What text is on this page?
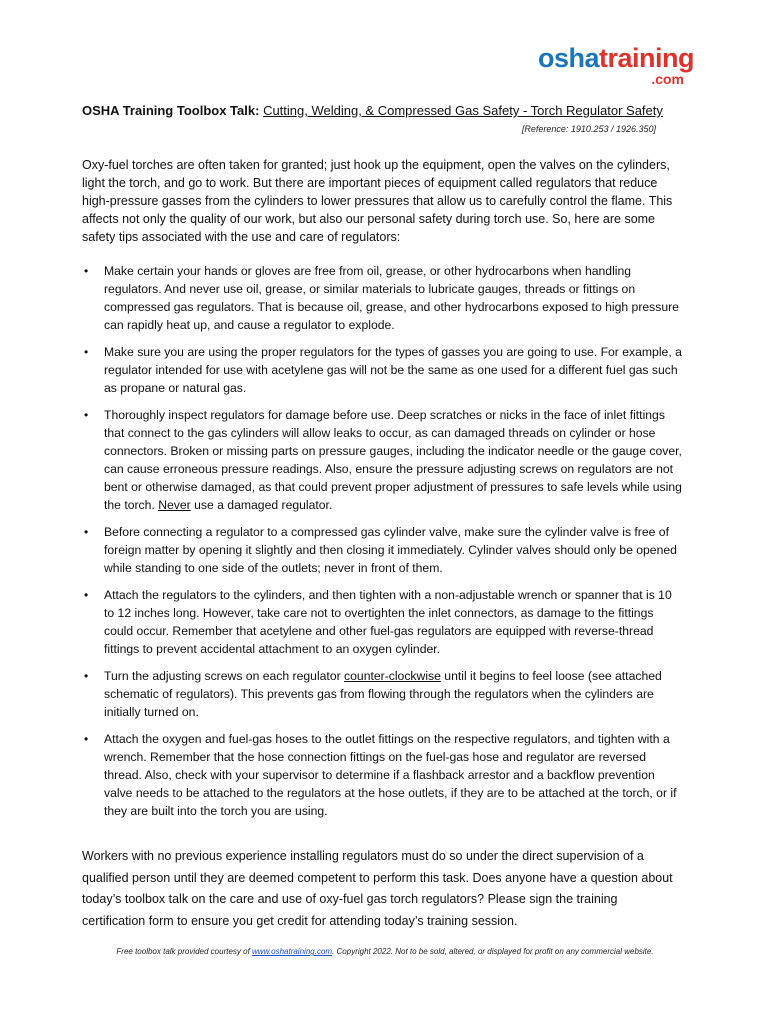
oshatraining
.com
OSHA Training Toolbox Talk: Cutting, Welding, & Compressed Gas Safety - Torch Regulator Safety
[Reference: 1910.253 / 1926.350]

Oxy-fuel torches are often taken for granted; just hook up the equipment, open the valves on the cylinders, light the torch, and go to work. But there are important pieces of equipment called regulators that reduce high-pressure gasses from the cylinders to lower pressures that allow us to carefully control the flame. This affects not only the quality of our work, but also our personal safety during torch use. So, here are some safety tips associated with the use and care of regulators:

• Make certain your hands or gloves are free from oil, grease, or other hydrocarbons when handling regulators. And never use oil, grease, or similar materials to lubricate gauges, threads or fittings on compressed gas regulators. That is because oil, grease, and other hydrocarbons exposed to high pressure can rapidly heat up, and cause a regulator to explode.
• Make sure you are using the proper regulators for the types of gasses you are going to use. For example, a regulator intended for use with acetylene gas will not be the same as one used for a different fuel gas such as propane or natural gas.
• Thoroughly inspect regulators for damage before use. Deep scratches or nicks in the face of inlet fittings that connect to the gas cylinders will allow leaks to occur, as can damaged threads on cylinder or hose connectors. Broken or missing parts on pressure gauges, including the indicator needle or the gauge cover, can cause erroneous pressure readings. Also, ensure the pressure adjusting screws on regulators are not bent or otherwise damaged, as that could prevent proper adjustment of pressures to safe levels while using the torch. Never use a damaged regulator.
• Before connecting a regulator to a compressed gas cylinder valve, make sure the cylinder valve is free of foreign matter by opening it slightly and then closing it immediately. Cylinder valves should only be opened while standing to one side of the outlets; never in front of them.
• Attach the regulators to the cylinders, and then tighten with a non-adjustable wrench or spanner that is 10 to 12 inches long. However, take care not to overtighten the inlet connectors, as damage to the fittings could occur. Remember that acetylene and other fuel-gas regulators are equipped with reverse-thread fittings to prevent accidental attachment to an oxygen cylinder.
• Turn the adjusting screws on each regulator counter-clockwise until it begins to feel loose (see attached schematic of regulators). This prevents gas from flowing through the regulators when the cylinders are initially turned on.
• Attach the oxygen and fuel-gas hoses to the outlet fittings on the respective regulators, and tighten with a wrench. Remember that the hose connection fittings on the fuel-gas hose and regulator are reversed thread. Also, check with your supervisor to determine if a flashback arrestor and a backflow prevention valve needs to be attached to the regulators at the hose outlets, if they are to be attached at the torch, or if they are built into the torch you are using.

Workers with no previous experience installing regulators must do so under the direct supervision of a qualified person until they are deemed competent to perform this task. Does anyone have a question about today’s toolbox talk on the care and use of oxy-fuel gas torch regulators? Please sign the training certification form to ensure you get credit for attending today’s training session.

Free toolbox talk provided courtesy of www.oshatraining.com. Copyright 2022. Not to be sold, altered, or displayed for profit on any commercial website.
